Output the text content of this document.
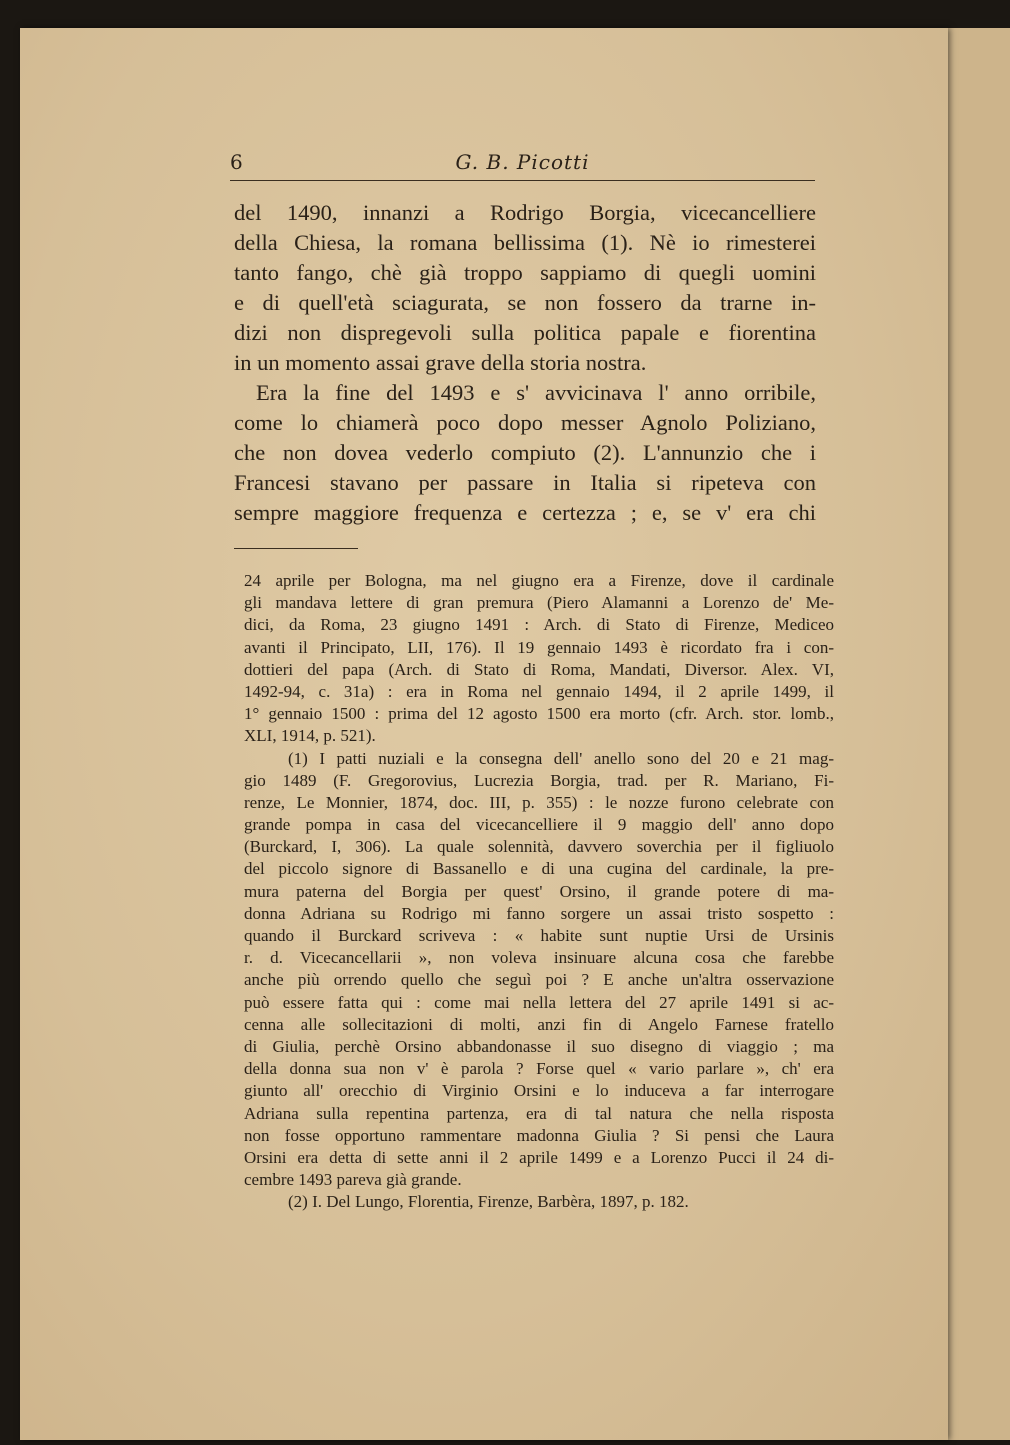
6	G. B. Picotti
del 1490, innanzi a Rodrigo Borgia, vicecancelliere
della Chiesa, la romana bellissima (1). Nè io rimesterei
tanto fango, chè già troppo sappiamo di quegli uomini
e di quell'età sciagurata, se non fossero da trarne in-
dizi non dispregevoli sulla politica papale e fiorentina
in un momento assai grave della storia nostra.
Era la fine del 1493 e s' avvicinava l' anno orribile,
come lo chiamerà poco dopo messer Agnolo Poliziano,
che non dovea vederlo compiuto (2). L'annunzio che i
Francesi stavano per passare in Italia si ripeteva con
sempre maggiore frequenza e certezza ; e, se v' era chi
24 aprile per Bologna, ma nel giugno era a Firenze, dove il cardinale
gli mandava lettere di gran premura (Piero Alamanni a Lorenzo de' Me-
dici, da Roma, 23 giugno 1491 : Arch. di Stato di Firenze, Mediceo
avanti il Principato, LII, 176). Il 19 gennaio 1493 è ricordato fra i con-
dottieri del papa (Arch. di Stato di Roma, Mandati, Diversor. Alex. VI,
1492-94, c. 31a) : era in Roma nel gennaio 1494, il 2 aprile 1499, il
1° gennaio 1500 : prima del 12 agosto 1500 era morto (cfr. Arch. stor. lomb.,
XLI, 1914, p. 521).
(1) I patti nuziali e la consegna dell' anello sono del 20 e 21 mag-
gio 1489 (F. Gregorovius, Lucrezia Borgia, trad. per R. Mariano, Fi-
renze, Le Monnier, 1874, doc. III, p. 355) : le nozze furono celebrate con
grande pompa in casa del vicecancelliere il 9 maggio dell' anno dopo
(Burckard, I, 306). La quale solennità, davvero soverchia per il figliuolo
del piccolo signore di Bassanello e di una cugina del cardinale, la pre-
mura paterna del Borgia per quest' Orsino, il grande potere di ma-
donna Adriana su Rodrigo mi fanno sorgere un assai tristo sospetto :
quando il Burckard scriveva : « habite sunt nuptie Ursi de Ursinis
r. d. Vicecancellarii », non voleva insinuare alcuna cosa che farebbe
anche più orrendo quello che seguì poi ? E anche un'altra osservazione
può essere fatta qui : come mai nella lettera del 27 aprile 1491 si ac-
cenna alle sollecitazioni di molti, anzi fin di Angelo Farnese fratello
di Giulia, perchè Orsino abbandonasse il suo disegno di viaggio ; ma
della donna sua non v' è parola ? Forse quel « vario parlare », ch' era
giunto all' orecchio di Virginio Orsini e lo induceva a far interrogare
Adriana sulla repentina partenza, era di tal natura che nella risposta
non fosse opportuno rammentare madonna Giulia ? Si pensi che Laura
Orsini era detta di sette anni il 2 aprile 1499 e a Lorenzo Pucci il 24 di-
cembre 1493 pareva già grande.
(2) I. Del Lungo, Florentia, Firenze, Barbèra, 1897, p. 182.
